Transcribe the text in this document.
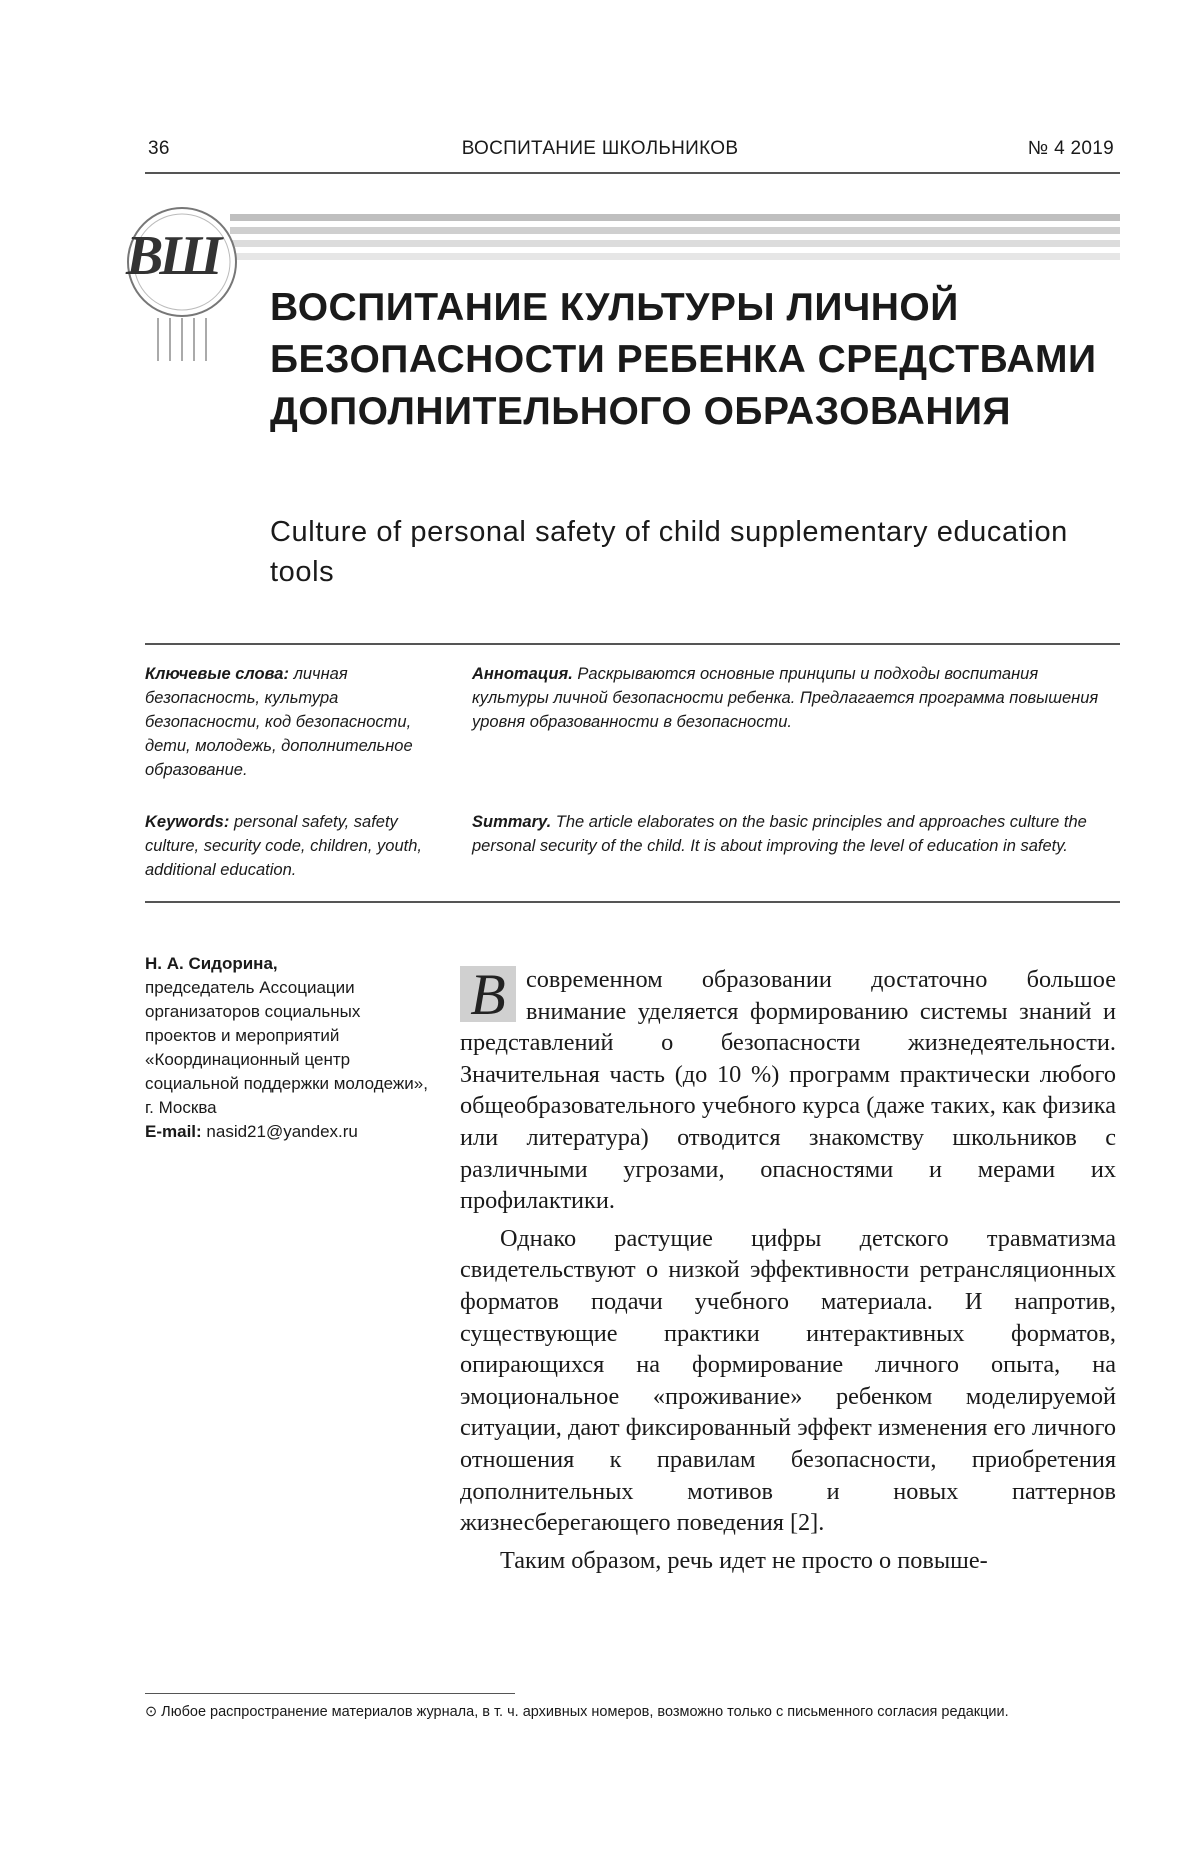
36	ВОСПИТАНИЕ ШКОЛЬНИКОВ	№ 4 2019
ВШ
ВОСПИТАНИЕ КУЛЬТУРЫ ЛИЧНОЙ БЕЗОПАСНОСТИ РЕБЕНКА СРЕДСТВАМИ ДОПОЛНИТЕЛЬНОГО ОБРАЗОВАНИЯ

Culture of personal safety of child supplementary education tools

Ключевые слова: личная безопасность, культура безопасности, код безопасности, дети, молодежь, дополнительное образование.
Аннотация. Раскрываются основные принципы и подходы воспитания культуры личной безопасности ребенка. Предлагается программа повышения уровня образованности в безопасности.
Keywords: personal safety, safety culture, security code, children, youth, additional education.
Summary. The article elaborates on the basic principles and approaches culture the personal security of the child. It is about improving the level of education in safety.
Н. А. Сидорина,
председатель Ассоциации организаторов социальных проектов и мероприятий «Координационный центр социальной поддержки молодежи», г. Москва
E-mail: nasid21@yandex.ru

В современном образовании достаточно большое внимание уделяется формированию системы знаний и представлений о безопасности жизнедеятельности. Значительная часть (до 10 %) программ практически любого общеобразовательного учебного курса (даже таких, как физика или литература) отводится знакомству школьников с различными угрозами, опасностями и мерами их профилактики.

Однако растущие цифры детского травматизма свидетельствуют о низкой эффективности ретрансляционных форматов подачи учебного материала. И напротив, существующие практики интерактивных форматов, опирающихся на формирование личного опыта, на эмоциональное «проживание» ребенком моделируемой ситуации, дают фиксированный эффект изменения его личного отношения к правилам безопасности, приобретения дополнительных мотивов и новых паттернов жизнесберегающего поведения [2].

Таким образом, речь идет не просто о повыше-

⊙ Любое распространение материалов журнала, в т. ч. архивных номеров, возможно только с письменного согласия редакции.
